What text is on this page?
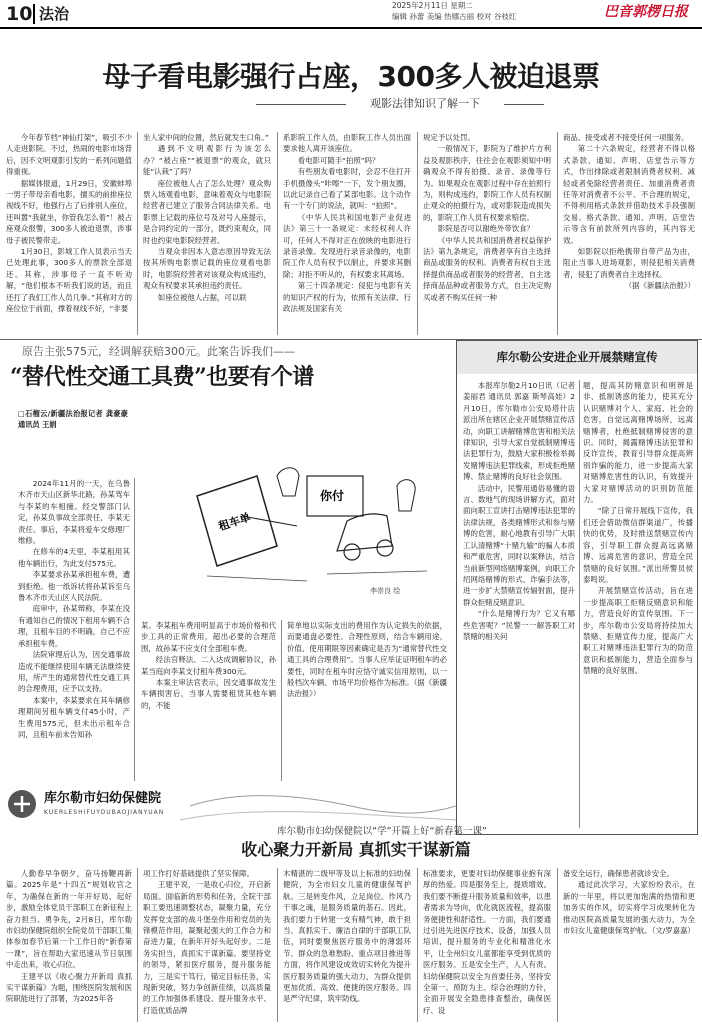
10 法治	2025年2月11日 星期二
编辑 孙蕾 美编 热娜古丽 校对 谷枝红	巴音郭楞日报
母子看电影强行占座，300多人被迫退票
观影法律知识了解一下

今年春节档“神仙打架”，吸引不少人走进影院。不过，热闹的电影市场背后，因不文明观影引发的一系列问题值得重视。

据媒体报道，1月29日，安徽蚌埠一男子带母亲看电影，擅买的前排座位视线不好，他强行占了后排别人座位，还叫嚣“我就坐，你管我怎么着”！被占座观众报警，300多人被迫退票，涉事母子被民警带走。

1月30日，影城工作人员表示当天已处理此事，300多人的票款全部退还。其称，涉事母子一直不听劝解，“他们根本不听我们说的话，而且还打了我们工作人员几拳。”其称对方的座位位于前面，撑着视线不好，“非要

坐人家中间的位置，然后就发生口角。”

遇到不文明观影行为该怎么办？“被占座”“被退票”的观众，就只能“认栽”了吗？

座位被他人占了怎么处理？观众购票入场观看电影，意味着观众与电影院经营者已建立了服务合同法律关系。电影票上记载的座位号及对号入座提示，是合同约定的一部分，既约束观众，同时也约束电影院经营者。

当观众非因本人意志原因导致无法按其所购电影票记载的座位观看电影时，电影院经营者对该观众构成违约，观众有权要求其承担违约责任。

如座位被他人占据，可以联

系影院工作人员，由影院工作人员出面要求他人离开该座位。

看电影可随手“拍照”吗？

有些朋友看电影时，会忍不住打开手机摄像头“咔嚓”一下，发个朋友圈，以此记录自己看了某部电影。这个动作有一个专门的说法，就叫：“拍照”。

《中华人民共和国电影产业促进法》第三十一条规定：未经权利人许可，任何人不得对正在放映的电影进行录音录像。发现进行录音录像的，电影院工作人员有权予以制止，并要求其删除；对拒不听从的，有权要求其离场。

第三十四条规定：侵犯与电影有关的知识产权的行为，依照有关法律、行政法规及国家有关

规定予以处罚。

一般情况下，影院为了维护片方利益及观影秩序，往往会在观影须知中明确观众不得有拍摄、录音、录像等行为。如果观众在观影过程中存在拍照行为，则构成违约，影院工作人员有权制止观众的拍摄行为，或对影院造成损失的，影院工作人员有权要求赔偿。

影院是否可以谢绝外带饮食？

《中华人民共和国消费者权益保护法》第九条规定，消费者享有自主选择商品或服务的权利。消费者有权自主选择提供商品或者服务的经营者，自主选择商品品种或者服务方式，自主决定购买或者不购买任何一种

商品、接受或者不接受任何一项服务。

第二十六条规定，经营者不得以格式条款、通知、声明、店堂告示等方式，作出排除或者限制消费者权利、减轻或者免除经营者责任、加重消费者责任等对消费者不公平、不合理的规定，不得利用格式条款并借助技术手段强制交易。格式条款、通知、声明、店堂告示等含有前款所列内容的，其内容无效。

如影院以拒绝携带自带产品为由，阻止当事人进场观影，则侵犯相关消费者，侵犯了消费者自主选择权。

（据《新疆法治报》）

原告主张575元，经调解获赔300元。此案告诉我们——
“替代性交通工具费”也要有个谱
□石榴云/新疆法治报记者 龚豪豪 通讯员 王娟

2024年11月的一天，在乌鲁木齐市天山区新华北路，孙某驾车与李某的车相撞。经交警部门认定，孙某负事故全部责任，李某无责任。事后，李某将爱车交修理厂维修。

在修车的4天里，李某租用其他车辆出行，为此支付575元。

李某要求孙某承担租车费，遭到拒绝。他一纸诉状将孙某诉至乌鲁木齐市天山区人民法院。

庭审中，孙某辩称，李某在没有通知自己的情况下租用车辆不合理，且租车目的不明确，自己不应承担租车费。

法院审理后认为，因交通事故造成不能继续使用车辆无法继续使用，所产生的通常替代性交通工具的合理费用，应予以支持。

本案中，李某要求在其车辆修理期间另租车辆支付45小时，产生费用575元，但未出示租车合同，且租车前未告知孙

租车单
你付
李崇良 绘

某。李某租车费用明显高于市场价格和代步工具的正常费用，超出必要的合理范围，故孙某不应支付全部租车费。

经法官释法、二入达成调解协议，孙某当庭向李某支付租车费300元。

本案主审法官表示，因交通事故发生车辆损害后，当事人需要租赁其他车辆的，不能

简单地以实际支出的费用作为认定损失的依据，而要通盘必要性、合理性原则，结合车辆用途、价值、使用期限等因素确定是否为“通常替代性交通工具的合理费用”。当事人应举证证明租车的必要性，同时在租车时应恪守诚实信用原则，以一般档次车辆、市场平均价格作为标准。（据《新疆法治报》）

库尔勒公安进企业开展禁赌宣传

本报库尔勒2月10日讯（记者 姜丽君 通讯员 郭嘉 斯琴高娃）2月10日，库尔勒市公安局塔什店派出所在辖区企业开展禁赌宣传活动，向职工讲解赌博危害和相关法律知识，引导大家自觉抵制赌博违法犯罪行为，鼓励大家积极检举揭发赌博违法犯罪线索，形成拒绝赌博、禁止赌博的良好社会氛围。

活动中，民警用通俗易懂的语言、数地气的现场讲解方式，面对面向职工宣讲打击赌博违法犯罪的法律法规，各类赌博形式和参与赌博的危害，耐心地教有引导广大职工认清赌博“十赌九输”的骗人本质和严重危害，同时以案释法，结合当前新型网络赌博案例，向职工介绍网络赌博的形式、诈骗手法等，进一步扩大禁赌宣传辐射面，提升群众拒赌反赌意识。

“什么是赌博行为？它又有哪些危害呢？”民警一一解答职工对禁赌的相关问

题，提高其防赌意识和明辨是非、抵制诱惑的能力，使其充分认识赌博对个人、家庭、社会的危害，自觉远离赌博场所，远离赌博者，杜绝抵制赌博侵害的意识。同时，揭露赌博违法犯罪和反诈宣传，教育引导群众提高辨别诈骗的能力，进一步提高大家对赌博危害性的认识，有效提升大家对赌博活动的识别防范能力。

“除了日常开展线下宣传，我们还会借助微信群渠道广，传播快的优势，及时推送禁赌宣传内容，引导职工群众提高远离赌博、远离危害的意识，营造全民禁赌的良好氛围。”派出所警员侯泰鸣说。

开展禁赌宣传活动，旨在进一步提高职工拒赌反赌意识和能力，营造良好的宣传氛围。下一步，库尔勒市公安局将持续加大禁赌、拒赌宣传力度，提高广大职工对赌博违法犯罪行为的防范意识和抵制能力，营造全面参与禁赌的良好氛围。

库尔勒市妇幼保健院
KUERLESHIFUYOUBAOJIANYUAN
库尔勒市妇幼保健院以“学”开篇上好“新春第一课”
收心聚力开新局 真抓实干谋新篇

人勤春早争朝夕，奋马扬鞭再新篇。2025年是“十四五”规划收官之年，为确保在新的一年开好局、起好步，激励全体党员干部职工在新征程上奋力担当、勇争先，2月8日，库尔勒市妇幼保健院组织全院党员干部职工集体参加春节后第一个工作日的“新春第一课”，旨在帮助大家迅速从节日氛围中走出来，收心归位。

王建平以《收心聚力开新局 真抓实干谋新篇》为题，围绕医院发展和医院职能进行了部署，为2025年各

项工作打好基础提供了坚实保障。

王建平说，一是收心归位，开启新局面。面临新的形势和任务，全院干部职工要迅速调整状态，凝聚力量，充分发挥党支部的战斗堡垒作用和党员的先锋模范作用，凝聚起强大的工作合力和奋进力量，在新年开好头起好步。二是务实担当，真抓实干谋新篇。要坚持党的领导，紧扣医疗服务，提升服务能力，三是实干笃行，锚定目标任务，实现新突破，努力争创新佳绩，以高质量的工作加强体系建设、提升服务水平、打造优质品牌

木精湛的二级甲等及以上标准的妇幼保健院，为全市妇女儿童的健康保驾护航。三是转变作风，立足岗位。作风乃干事之魂，是服务质量的基石。因此，我们要力于转建一支有精气神，敢于担当、真抓实干、廉洁自律的干部职工队伍，同时要聚焦医疗服务中的薄弱环节、群众的急难愁盼、重点项目推进等方面，将作风建设成效切实转化为提升医疗服务质量的强大动力，为群众提供更加优质、高效、便捷的医疗服务。四是严守纪律，筑牢防线。

标准要求，更要对妇幼保健事业抱有深厚的热爱。四是服务至上，提质增效。我们要不断提升服务质量和效率，以患者需求为导向，优化就医流程，提高服务便捷性和舒适性。一方面，我们要通过引进先进医疗技术、设备，加强人员培训，提升服务的专业化和精准化水平，让全州妇女儿童都能享受到优质的医疗服务。五是安全生产，人人有责。妇幼保健院以安全为首要任务，坚持安全第一、预防为主、综合治理的方针，全面开展安全隐患排查整治，确保医疗、设

备安全运行，确保患者就诊安全。

通过此次学习，大家纷纷表示，在新的一年里，将以更加饱满的热情和更加务实的作风，切实将学习成果转化为推动医院高质量发展的强大动力，为全市妇女儿童健康保驾护航。（文/罗嘉嘉）
